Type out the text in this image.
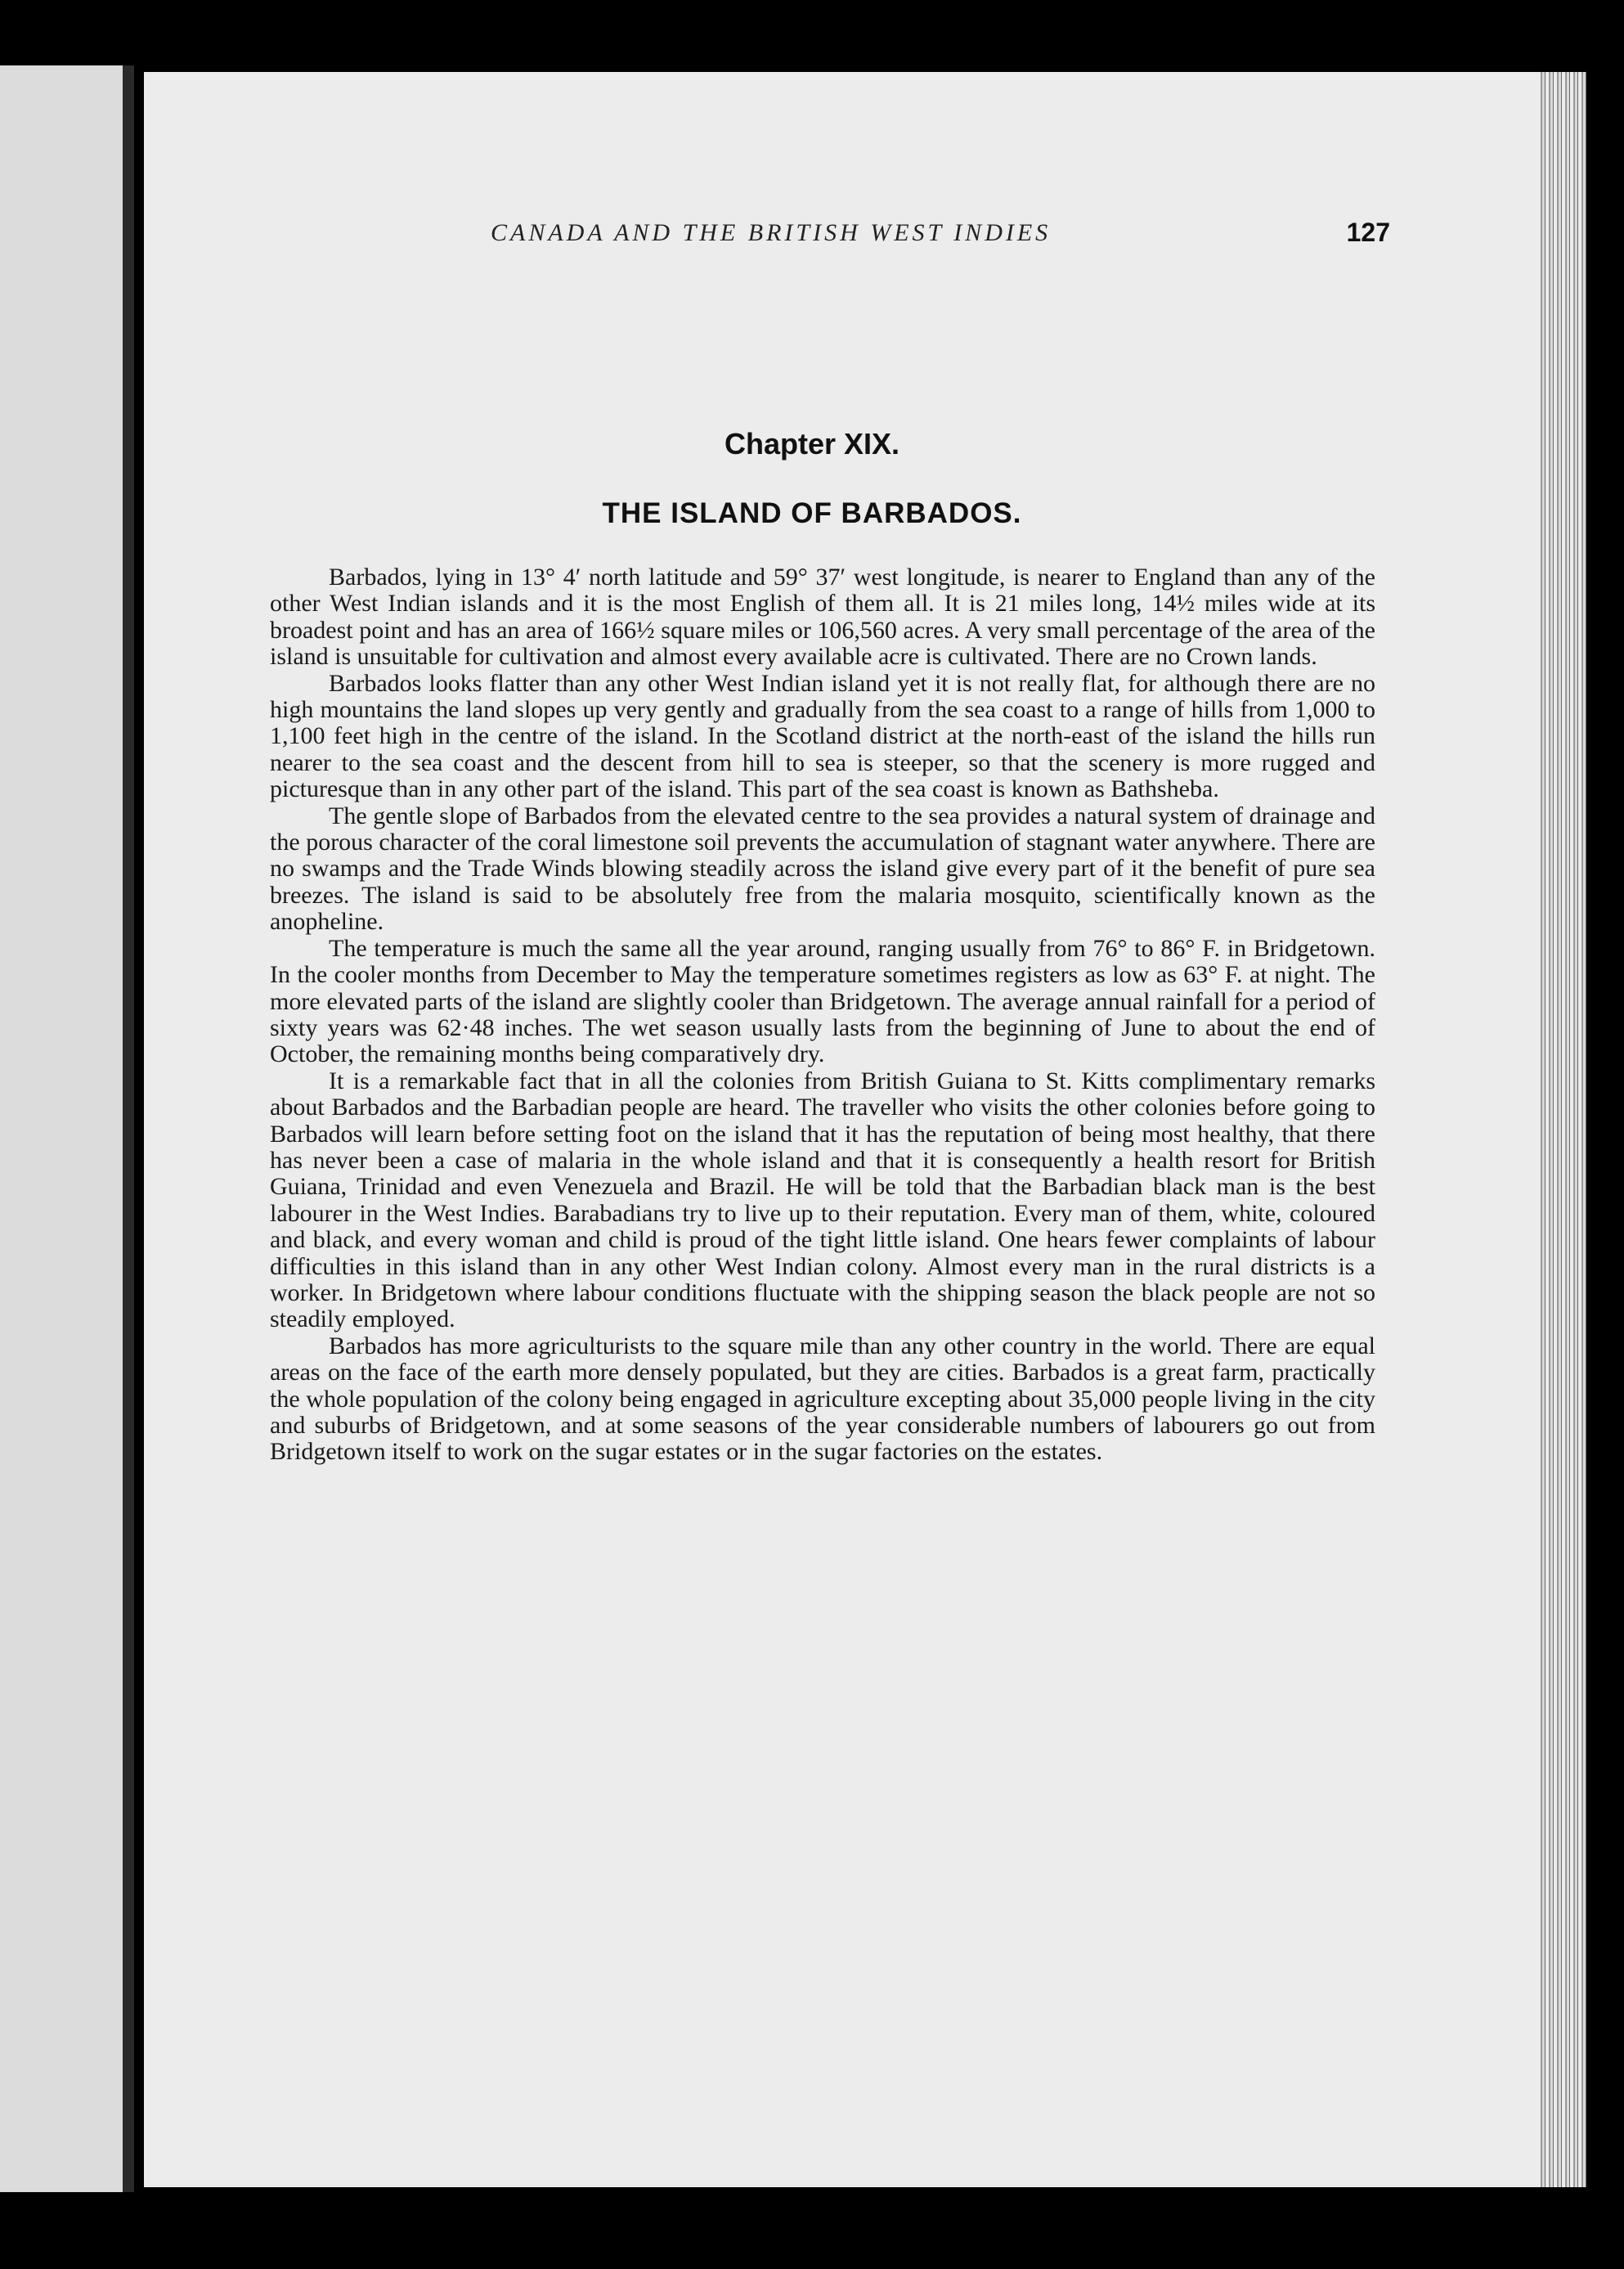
CANADA AND THE BRITISH WEST INDIES	127
Chapter XIX.
THE ISLAND OF BARBADOS.

Barbados, lying in 13° 4′ north latitude and 59° 37′ west longitude, is nearer to England than any of the other West Indian islands and it is the most English of them all. It is 21 miles long, 14½ miles wide at its broadest point and has an area of 166½ square miles or 106,560 acres. A very small percentage of the area of the island is unsuitable for cultivation and almost every available acre is cultivated. There are no Crown lands.

Barbados looks flatter than any other West Indian island yet it is not really flat, for although there are no high mountains the land slopes up very gently and gradually from the sea coast to a range of hills from 1,000 to 1,100 feet high in the centre of the island. In the Scotland district at the north-east of the island the hills run nearer to the sea coast and the descent from hill to sea is steeper, so that the scenery is more rugged and picturesque than in any other part of the island. This part of the sea coast is known as Bathsheba.

The gentle slope of Barbados from the elevated centre to the sea provides a natural system of drainage and the porous character of the coral limestone soil prevents the accumulation of stagnant water anywhere. There are no swamps and the Trade Winds blowing steadily across the island give every part of it the benefit of pure sea breezes. The island is said to be absolutely free from the malaria mosquito, scientifically known as the anopheline.

The temperature is much the same all the year around, ranging usually from 76° to 86° F. in Bridgetown. In the cooler months from December to May the temperature sometimes registers as low as 63° F. at night. The more elevated parts of the island are slightly cooler than Bridgetown. The average annual rainfall for a period of sixty years was 62·48 inches. The wet season usually lasts from the beginning of June to about the end of October, the remaining months being comparatively dry.

It is a remarkable fact that in all the colonies from British Guiana to St. Kitts complimentary remarks about Barbados and the Barbadian people are heard. The traveller who visits the other colonies before going to Barbados will learn before setting foot on the island that it has the reputation of being most healthy, that there has never been a case of malaria in the whole island and that it is consequently a health resort for British Guiana, Trinidad and even Venezuela and Brazil. He will be told that the Barbadian black man is the best labourer in the West Indies. Barabadians try to live up to their reputation. Every man of them, white, coloured and black, and every woman and child is proud of the tight little island. One hears fewer complaints of labour difficulties in this island than in any other West Indian colony. Almost every man in the rural districts is a worker. In Bridgetown where labour conditions fluctuate with the shipping season the black people are not so steadily employed.

Barbados has more agriculturists to the square mile than any other country in the world. There are equal areas on the face of the earth more densely populated, but they are cities. Barbados is a great farm, practically the whole population of the colony being engaged in agriculture excepting about 35,000 people living in the city and suburbs of Bridgetown, and at some seasons of the year considerable numbers of labourers go out from Bridgetown itself to work on the sugar estates or in the sugar factories on the estates.
